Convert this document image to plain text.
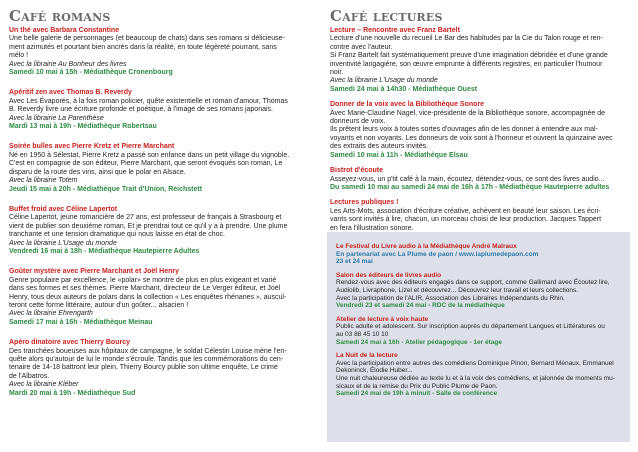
Café romans
Un thé avec Barbara Constantine
Une belle galerie de personnages (et beaucoup de chats) dans ses romans si délicieuse-
ment azimutés et pourtant bien ancrés dans la réalité, en toute légèreté pourrant, sans
mélo !
Avec la librairie Au Bonheur des livres
Samedi 10 mai à 15h - Médiathèque Cronenbourg
Apéritif zen avec Thomas B. Reverdy
Avec Les Évaporés, à la fois roman policier, quête existentielle et roman d'amour, Thomas
B. Reverdy livre une écriture profonde et poétique, à l'image de ses romans japonais.
Avec la librairie La Parenthèse
Mardi 13 mai à 19h - Médiathèque Robertsau
Soirée bulles avec Pierre Kretz et Pierre Marchant
Né en 1950 à Sélestat, Pierre Kretz a passé son enfance dans un petit village du vignoble.
C'est en compagnie de son éditeur, Pierre Marchant, que seront évoqués son roman, Le
disparu de la route des vins, ainsi que le polar en Alsace.
Avec la librairie Totem
Jeudi 15 mai à 20h - Médiathèque Trait d'Union, Reichstett
Buffet froid avec Céline Lapertot
Céline Lapertot, jeune romancière de 27 ans, est professeur de français à Strasbourg et
vient de publier son deuxième roman, Et je prendrai tout ce qu'il y a à prendre. Une plume
tranchante et une tension dramatique qui nous laisse en état de choc.
Avec la librairie L'Usage du monde
Vendredi 16 mai à 18h - Médiathèque Hautepierre Adultes
Goûter mystère avec Pierre Marchant et Joël Henry
Genre populaire par excellence, le «polar» se montre de plus en plus exigeant et varié
dans ses formes et ses thèmes. Pierre Marchant, directeur de Le Verger éditeur, et Joël
Henry, tous deux auteurs de polars dans la collection « Les enquêtes rhénanes », auscul-
teront cette forme littéraire, autour d'un goûter... alsacien !
Avec la librairie Ehrengarth
Samedi 17 mai à 16h - Médiathèque Meinau
Apéro dinatoire avec Thierry Bourcy
Des tranchées boueuses aux hôpitaux de campagne, le soldat Célestin Louise mène l'en-
quête alors qu'autour de lui le monde s'écroule. Tandis que les commémorations du cen-
tenaire de 14-18 battront leur plein, Thierry Bourcy publie son ultime enquête, Le crime
de l'Albatros.
Avec la librairie Kléber
Mardi 20 mai à 19h - Médiathèque Sud
Café lectures
Lecture – Rencontre avec Franz Bartelt
Lecture d'une nouvelle du recueil Le Bar des habitudes par la Cie du Talon rouge et ren-
contre avec l'auteur.
Si Franz Bartelt fait systématiquement preuve d'une imagination débridée et d'une grande
inventivité langagière, son œuvre emprunte à différents registres, en particulier l'humour
noir.
Avec la librairie L'Usage du monde
Samedi 24 mai à 14h30 - Médiathèque Ouest
Donner de la voix avec la Bibliothèque Sonore
Avec Marie-Claudine Nagel, vice-présidente de la Bibliothèque sonore, accompagnée de
donneurs de voix.
Ils prêtent leurs voix à toutes sortes d'ouvrages afin de les donner à entendre aux mal-
voyants et non voyants. Les donneurs de voix sont à l'honneur et ouvrent la quinzaine avec
des extraits des auteurs invités.
Samedi 10 mai à 11h - Médiathèque Elsau
Bistrot d'écoute
Asseyez-vous, un p'tit café à la main, écoutez, détendez-vous, ce sont des livres audio...
Du samedi 10 mai au samedi 24 mai de 16h à 17h - Médiathèque Hautepierre adultes
Lectures publiques !
Les Arts-Mots, association d'écriture créative, achèvent en beauté leur saison. Les écri-
vants sont invités à lire, chacun, un morceau choisi de leur production. Jacques Tappert
en fera l'illustration sonore.
Le Festival du Livre audio à la Médiathèque André Malraux
En partenariat avec La Plume de paon / www.laplumedepaon.com
23 et 24 mai
Salon des éditeurs de livres audio
Rendez-vous avec des éditeurs engagés dans ce support, comme Gallimard avec Écoutez lire,
Audiolib, Livraphone, Lizel et découvrez... Découvrez leur travail et leurs collections.
Avec la participation de l'ALIR, Association des Libraires Indépendants du Rhin.
Vendredi 23 et samedi 24 mai - RDC de la médiathèque
Atelier de lecture à voix haute
Public adulte et adolescent. Sur inscription auprès du département Langues et Littératures ou
au 03 88 45 10 10
Samedi 24 mai à 16h - Atelier pédagogique - 1er étage
La Nuit de la lecture
Avec la participation entre autres des comédiens Dominique Pinon, Bernard Ménaux, Emmanuel
Dekoninck, Élodie Huber...
Une nuit chaleureuse dédiée au texte lu et à la voix des comédiens, et jalonnée de moments mu-
sicaux et de la remise du Prix du Public Plume de Paon.
Samedi 24 mai de 19h à minuit - Salle de conférence
